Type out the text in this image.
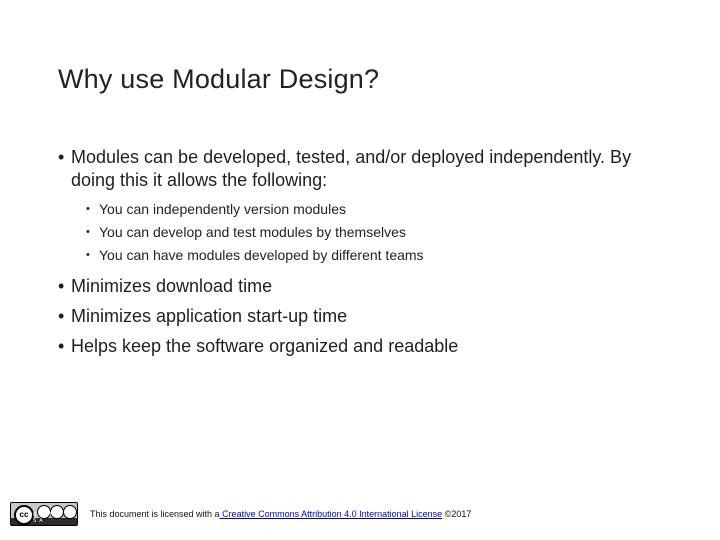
Why use Modular Design?
• Modules can be developed, tested, and/or deployed independently. By doing this it allows the following:
• You can independently version modules
• You can develop and test modules by themselves
• You can have modules developed by different teams
• Minimizes download time
• Minimizes application start-up time
• Helps keep the software organized and readable
cc BY NC SA
This document is licensed with a Creative Commons Attribution 4.0 International License ©2017
